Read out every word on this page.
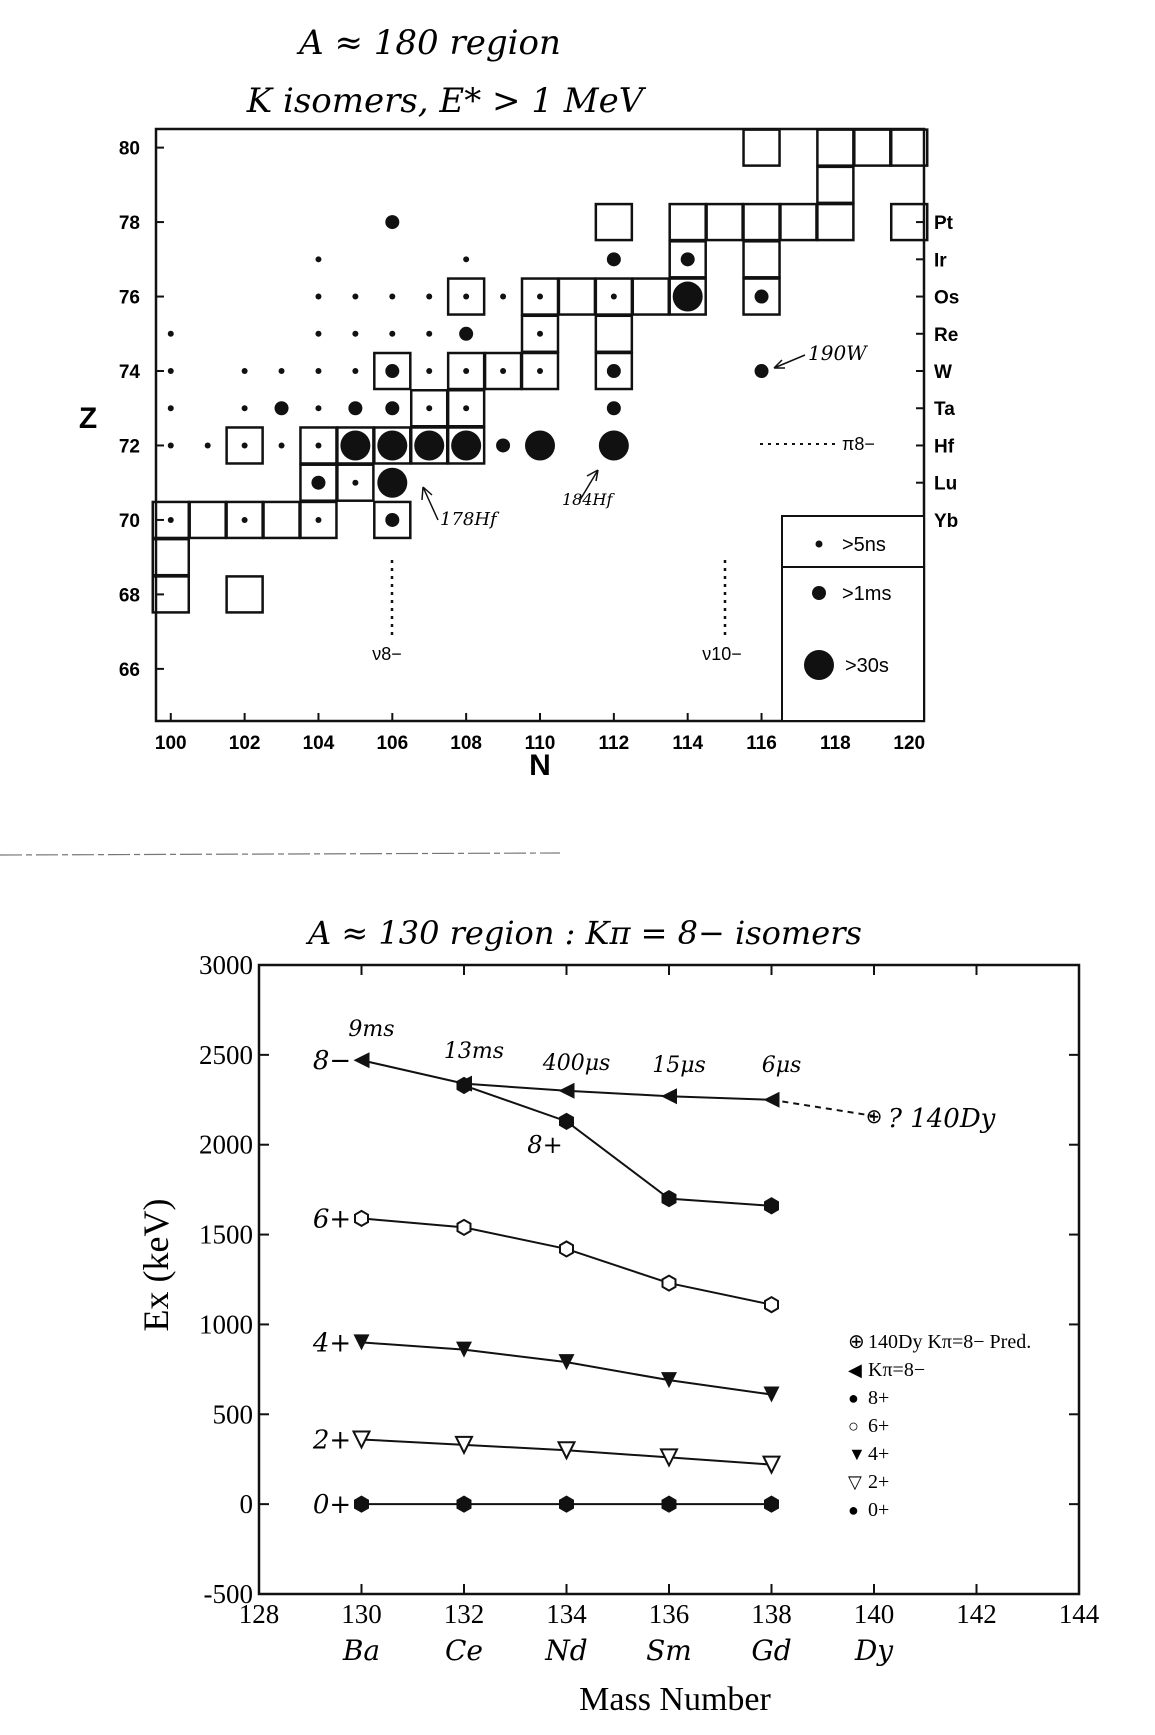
A ≈ 180 region
K isomers, E* > 1 MeV
66
68
70
72
74
76
78
80
100 102 104 106 108 110 112 114 116 118 120
Pt
Ir
Os
Re
W
Ta
Hf
Lu
Yb
Z
N
178Hf
184Hf
190W
π8−
ν8−	ν10−
>5ns
>1ms
>30s
A ≈ 130 region : Kπ = 8− isomers
-500
0
500
1000
1500
2000
2500
3000
128 130 132 134 136 138 140 142 144
Ba Ce Nd Sm Gd Dy
Ex (keV)
Mass Number
⊕
8−
6+
4+
2+
0+
9ms
13ms 400μs 15μs	6μs
8+
? 140Dy
⊕ 140Dy Kπ=8− Pred.
◀ Kπ=8−
● 8+
○ 6+
▼ 4+
▽ 2+
● 0+
